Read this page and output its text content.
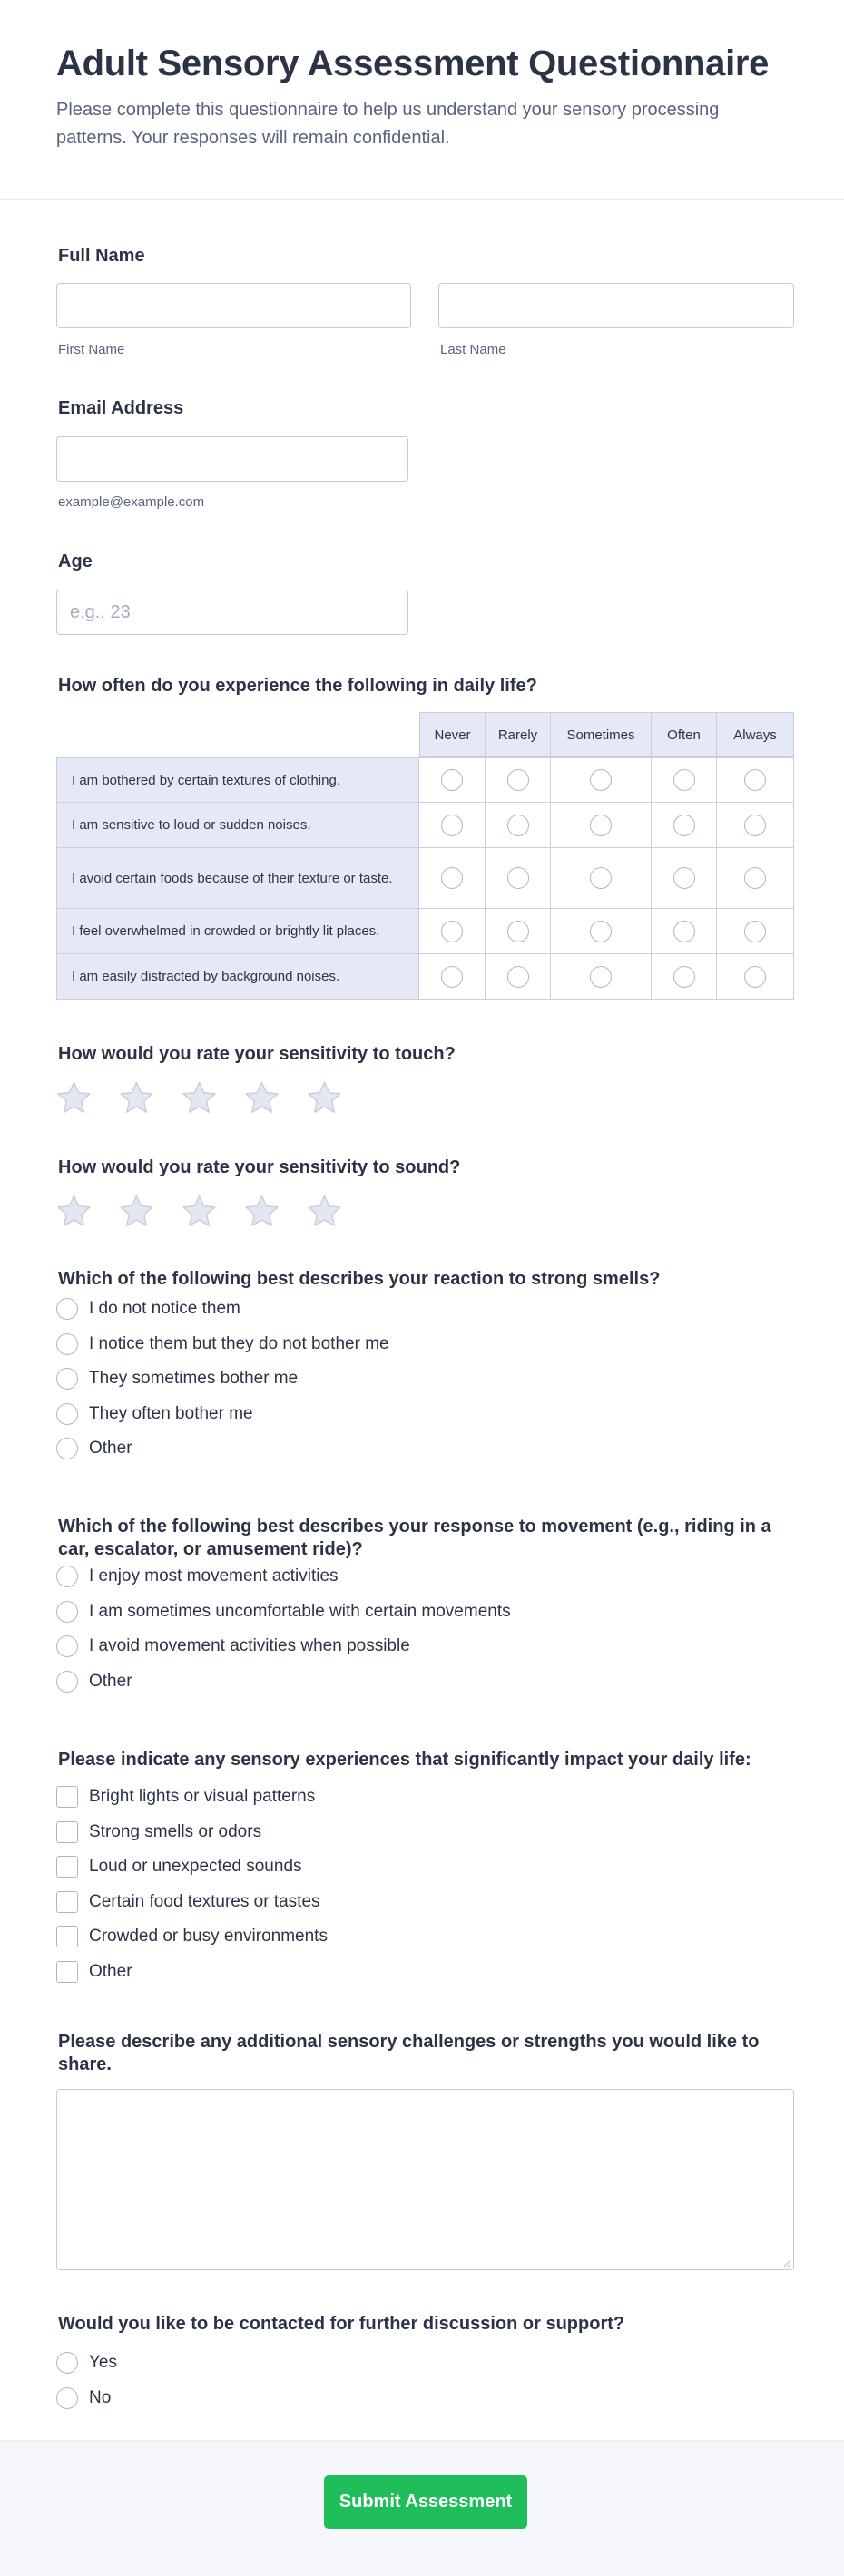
Adult Sensory Assessment Questionnaire
Please complete this questionnaire to help us understand your sensory processing patterns. Your responses will remain confidential.
Full Name
First Name	Last Name
Email Address
example@example.com
Age
e.g., 23
How often do you experience the following in daily life?
Never	Rarely	Sometimes	Often	Always
I am bothered by certain textures of clothing.
I am sensitive to loud or sudden noises.
I avoid certain foods because of their texture or taste.
I feel overwhelmed in crowded or brightly lit places.
I am easily distracted by background noises.
How would you rate your sensitivity to touch?
How would you rate your sensitivity to sound?
Which of the following best describes your reaction to strong smells?
I do not notice them
I notice them but they do not bother me
They sometimes bother me
They often bother me
Other
Which of the following best describes your response to movement (e.g., riding in a car, escalator, or amusement ride)?
I enjoy most movement activities
I am sometimes uncomfortable with certain movements
I avoid movement activities when possible
Other
Please indicate any sensory experiences that significantly impact your daily life:
Bright lights or visual patterns
Strong smells or odors
Loud or unexpected sounds
Certain food textures or tastes
Crowded or busy environments
Other
Please describe any additional sensory challenges or strengths you would like to share.
Would you like to be contacted for further discussion or support?
Yes
No
Submit Assessment
